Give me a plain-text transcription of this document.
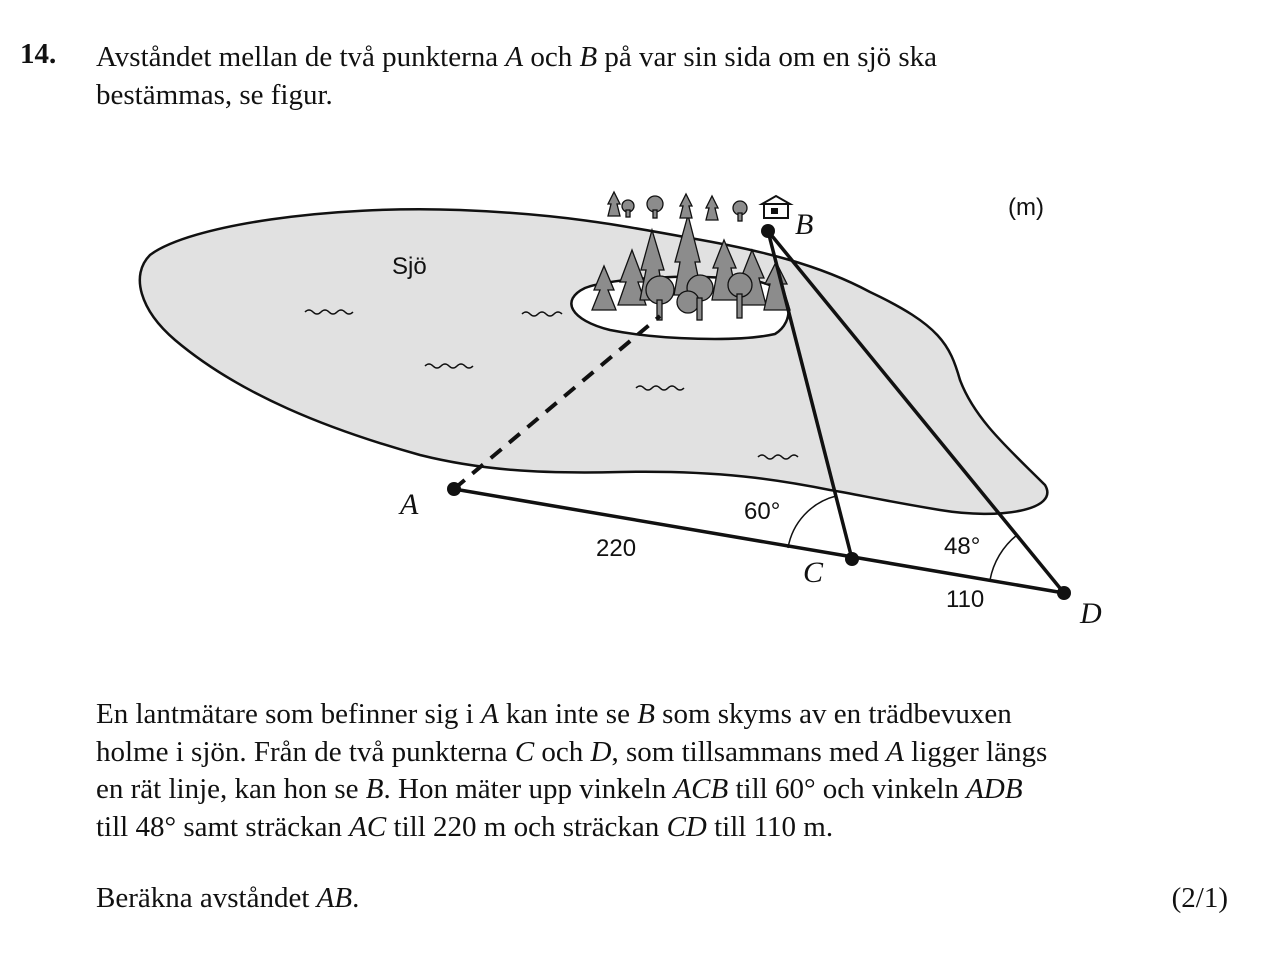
14. Avståndet mellan de två punkterna A och B på var sin sida om en sjö ska
bestämmas, se figur.
A
B
C
D
(m)
Sjö
60°
48°
220
110
En lantmätare som befinner sig i A kan inte se B som skyms av en trädbevuxen
holme i sjön. Från de två punkterna C och D, som tillsammans med A ligger längs
en rät linje, kan hon se B. Hon mäter upp vinkeln ACB till 60° och vinkeln ADB
till 48° samt sträckan AC till 220 m och sträckan CD till 110 m.
Beräkna avståndet AB.	(2/1)
